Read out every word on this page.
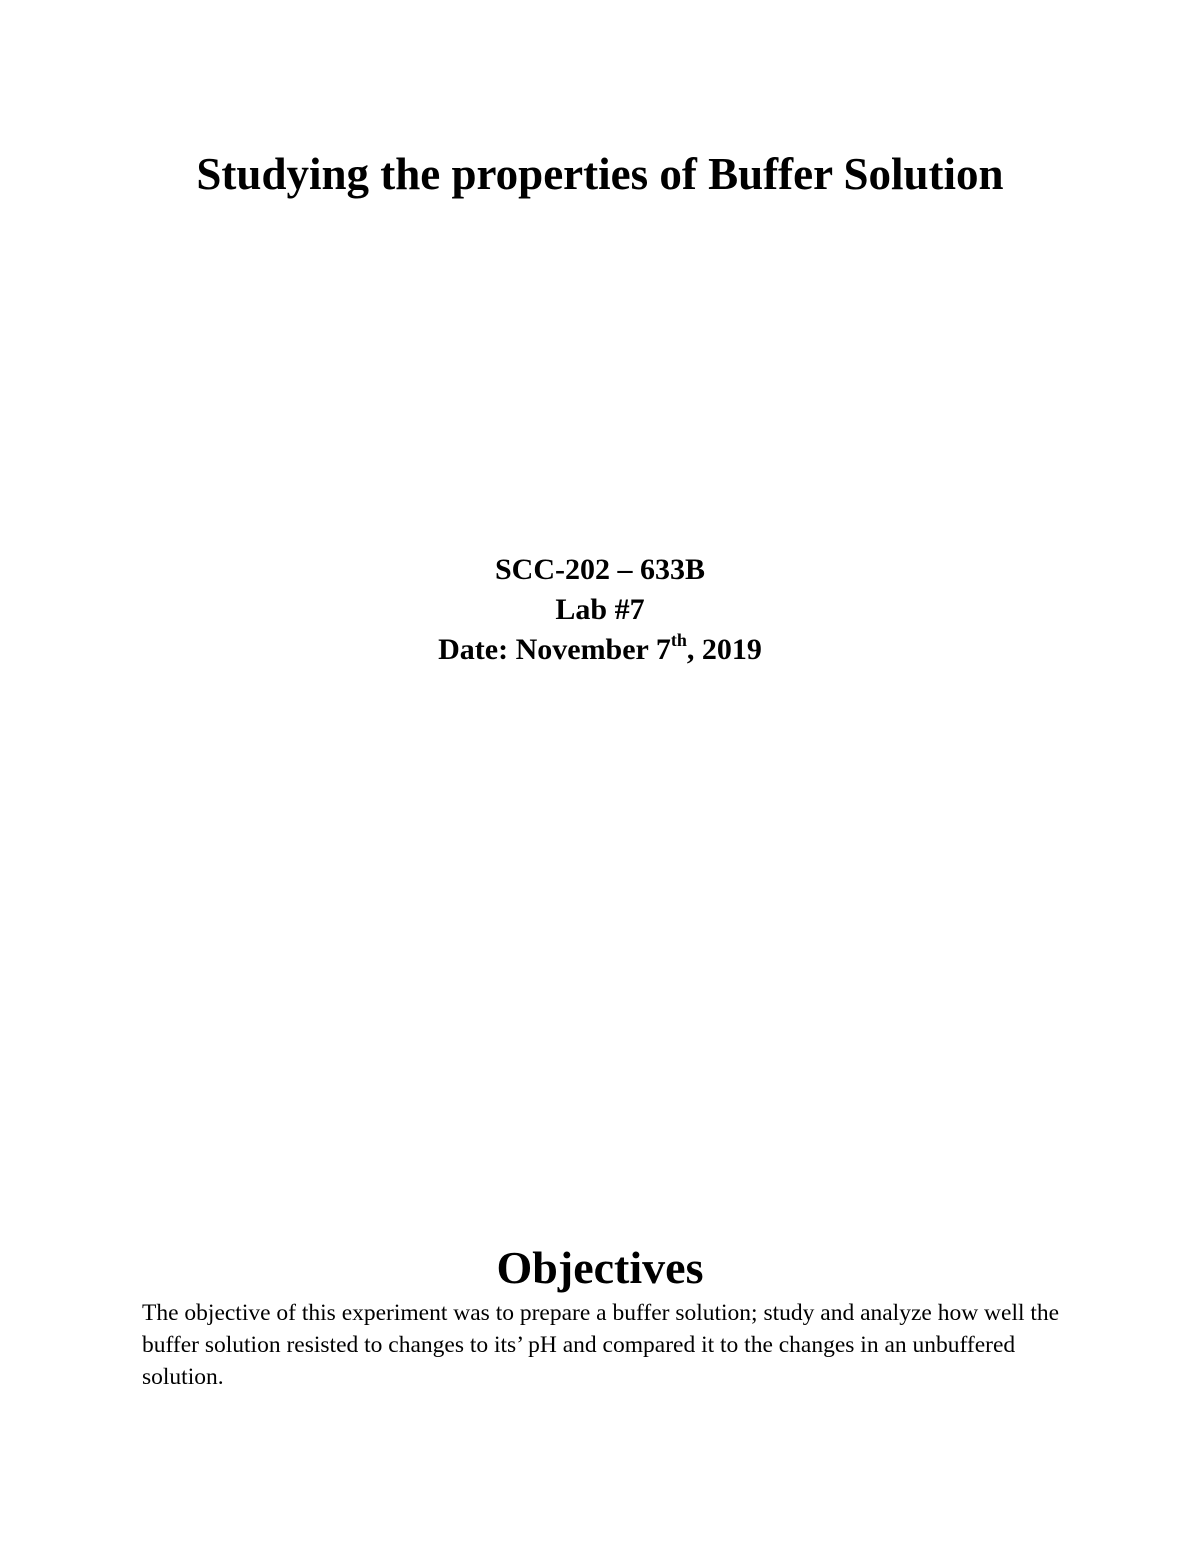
Studying the properties of Buffer Solution
SCC-202 – 633B
Lab #7
Date: November 7th, 2019
Objectives

The objective of this experiment was to prepare a buffer solution; study and analyze how well the buffer solution resisted to changes to its’ pH and compared it to the changes in an unbuffered solution.
